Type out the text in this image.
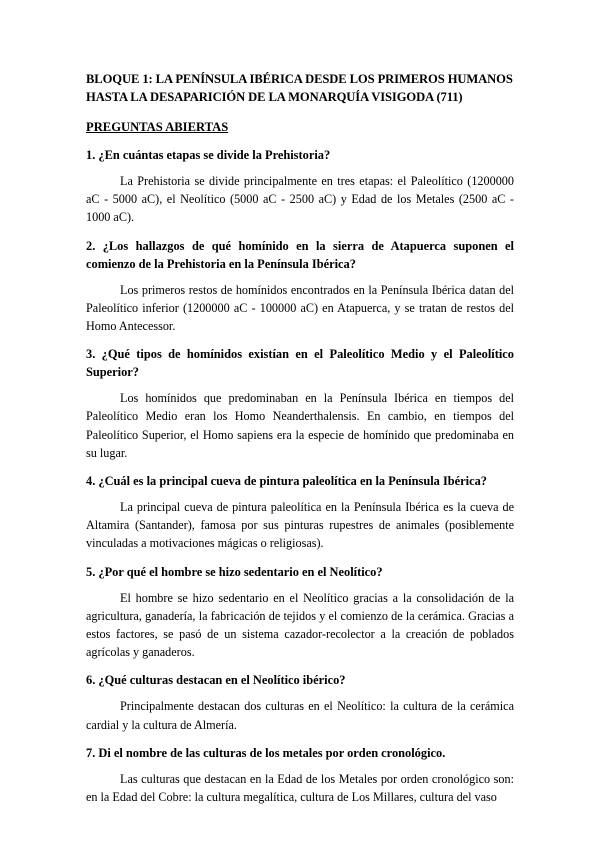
BLOQUE 1: LA PENÍNSULA IBÉRICA DESDE LOS PRIMEROS HUMANOS HASTA LA DESAPARICIÓN DE LA MONARQUÍA VISIGODA (711)

PREGUNTAS ABIERTAS

1. ¿En cuántas etapas se divide la Prehistoria?

La Prehistoria se divide principalmente en tres etapas: el Paleolítico (1200000 aC - 5000 aC), el Neolítico (5000 aC - 2500 aC) y Edad de los Metales (2500 aC - 1000 aC).

2. ¿Los hallazgos de qué homínido en la sierra de Atapuerca suponen el comienzo de la Prehistoria en la Península Ibérica?

Los primeros restos de homínidos encontrados en la Península Ibérica datan del Paleolítico inferior (1200000 aC - 100000 aC) en Atapuerca, y se tratan de restos del Homo Antecessor.

3. ¿Qué tipos de homínidos existían en el Paleolítico Medio y el Paleolítico Superior?

Los homínidos que predominaban en la Península Ibérica en tiempos del Paleolítico Medio eran los Homo Neanderthalensis. En cambio, en tiempos del Paleolítico Superior, el Homo sapiens era la especie de homínido que predominaba en su lugar.

4. ¿Cuál es la principal cueva de pintura paleolítica en la Península Ibérica?

La principal cueva de pintura paleolítica en la Península Ibérica es la cueva de Altamira (Santander), famosa por sus pinturas rupestres de animales (posiblemente vinculadas a motivaciones mágicas o religiosas).

5. ¿Por qué el hombre se hizo sedentario en el Neolítico?

El hombre se hizo sedentario en el Neolítico gracias a la consolidación de la agricultura, ganadería, la fabricación de tejidos y el comienzo de la cerámica. Gracias a estos factores, se pasó de un sistema cazador-recolector a la creación de poblados agrícolas y ganaderos.

6. ¿Qué culturas destacan en el Neolítico ibérico?

Principalmente destacan dos culturas en el Neolítico: la cultura de la cerámica cardial y la cultura de Almería.

7. Di el nombre de las culturas de los metales por orden cronológico.

Las culturas que destacan en la Edad de los Metales por orden cronológico son: en la Edad del Cobre: la cultura megalítica, cultura de Los Millares, cultura del vaso
